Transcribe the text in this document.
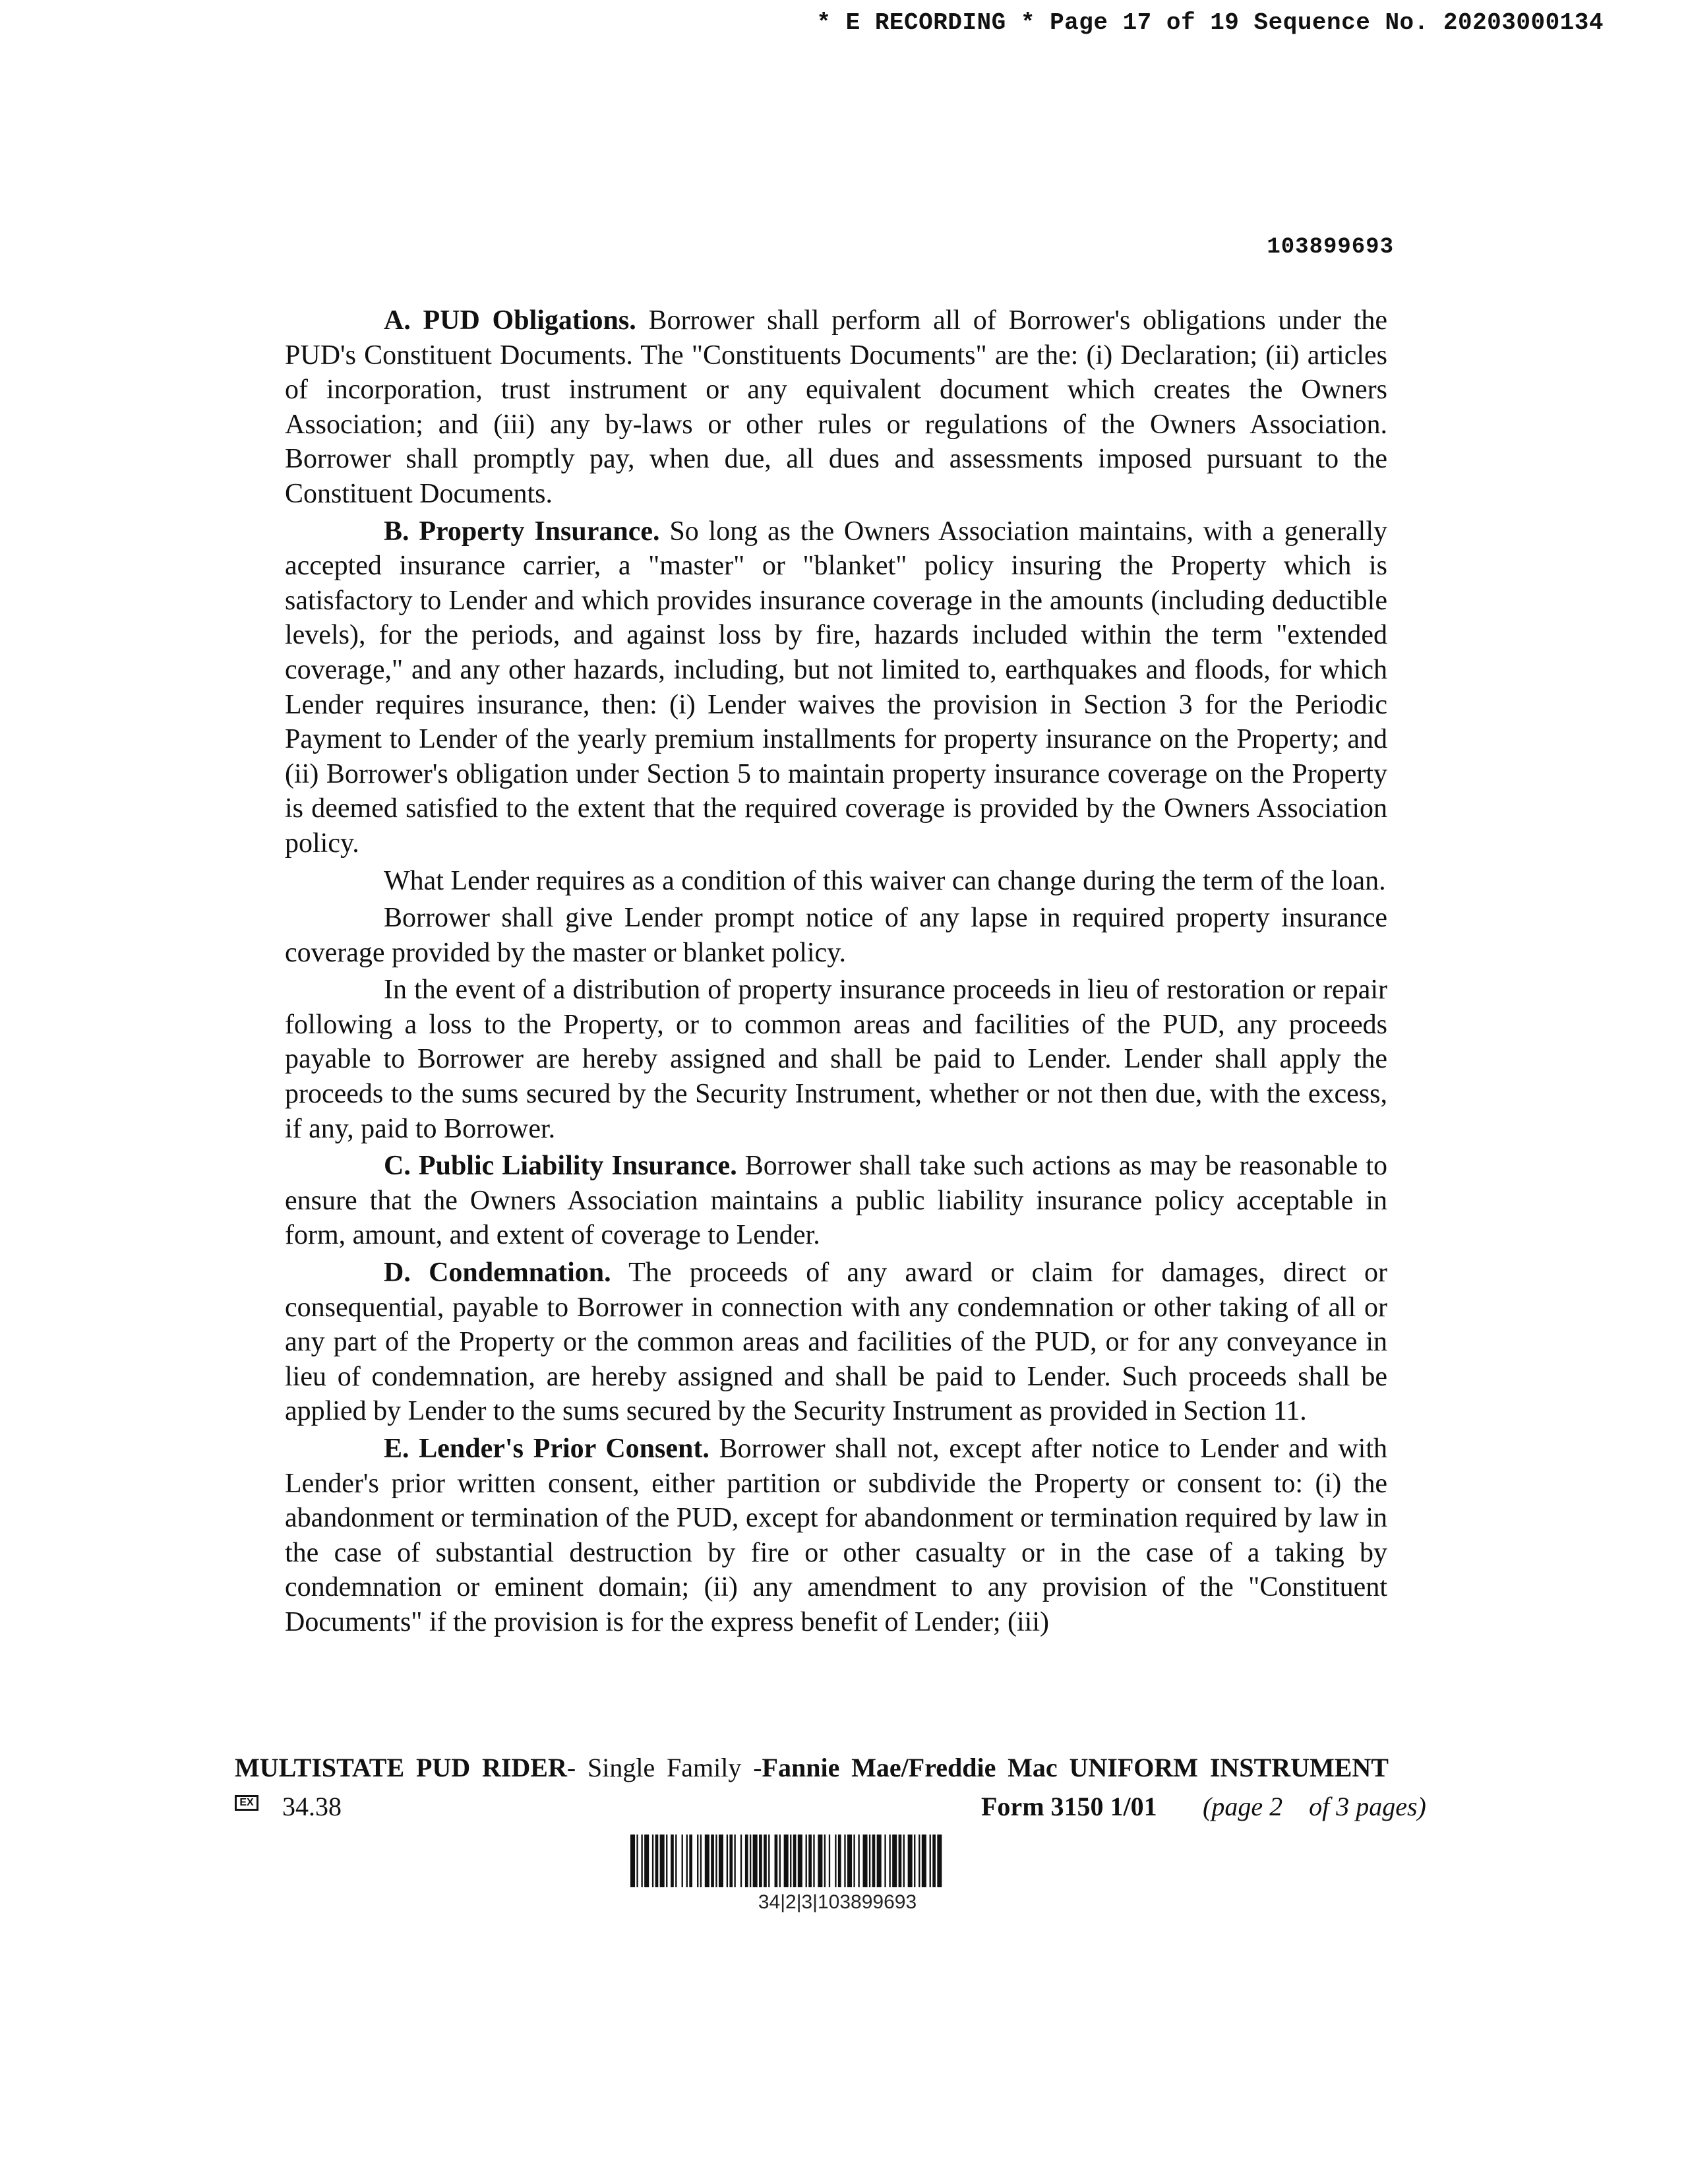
* E RECORDING * Page 17 of 19 Sequence No. 20203000134
103899693

A. PUD Obligations. Borrower shall perform all of Borrower's obligations under the PUD's Constituent Documents. The "Constituents Documents" are the: (i) Declaration; (ii) articles of incorporation, trust instrument or any equivalent document which creates the Owners Association; and (iii) any by-laws or other rules or regulations of the Owners Association. Borrower shall promptly pay, when due, all dues and assessments imposed pursuant to the Constituent Documents.

B. Property Insurance. So long as the Owners Association maintains, with a generally accepted insurance carrier, a "master" or "blanket" policy insuring the Property which is satisfactory to Lender and which provides insurance coverage in the amounts (including deductible levels), for the periods, and against loss by fire, hazards included within the term "extended coverage," and any other hazards, including, but not limited to, earthquakes and floods, for which Lender requires insurance, then: (i) Lender waives the provision in Section 3 for the Periodic Payment to Lender of the yearly premium installments for property insurance on the Property; and (ii) Borrower's obligation under Section 5 to maintain property insurance coverage on the Property is deemed satisfied to the extent that the required coverage is provided by the Owners Association policy.

What Lender requires as a condition of this waiver can change during the term of the loan.

Borrower shall give Lender prompt notice of any lapse in required property insurance coverage provided by the master or blanket policy.

In the event of a distribution of property insurance proceeds in lieu of restoration or repair following a loss to the Property, or to common areas and facilities of the PUD, any proceeds payable to Borrower are hereby assigned and shall be paid to Lender. Lender shall apply the proceeds to the sums secured by the Security Instrument, whether or not then due, with the excess, if any, paid to Borrower.

C. Public Liability Insurance. Borrower shall take such actions as may be reasonable to ensure that the Owners Association maintains a public liability insurance policy acceptable in form, amount, and extent of coverage to Lender.

D. Condemnation. The proceeds of any award or claim for damages, direct or consequential, payable to Borrower in connection with any condemnation or other taking of all or any part of the Property or the common areas and facilities of the PUD, or for any conveyance in lieu of condemnation, are hereby assigned and shall be paid to Lender. Such proceeds shall be applied by Lender to the sums secured by the Security Instrument as provided in Section 11.

E. Lender's Prior Consent. Borrower shall not, except after notice to Lender and with Lender's prior written consent, either partition or subdivide the Property or consent to: (i) the abandonment or termination of the PUD, except for abandonment or termination required by law in the case of substantial destruction by fire or other casualty or in the case of a taking by condemnation or eminent domain; (ii) any amendment to any provision of the "Constituent Documents" if the provision is for the express benefit of Lender; (iii)

MULTISTATE PUD RIDER- Single Family -Fannie Mae/Freddie Mac UNIFORM INSTRUMENT
EX 34.38	Form 3150 1/01 (page 2 of 3 pages)
34|2|3|103899693
